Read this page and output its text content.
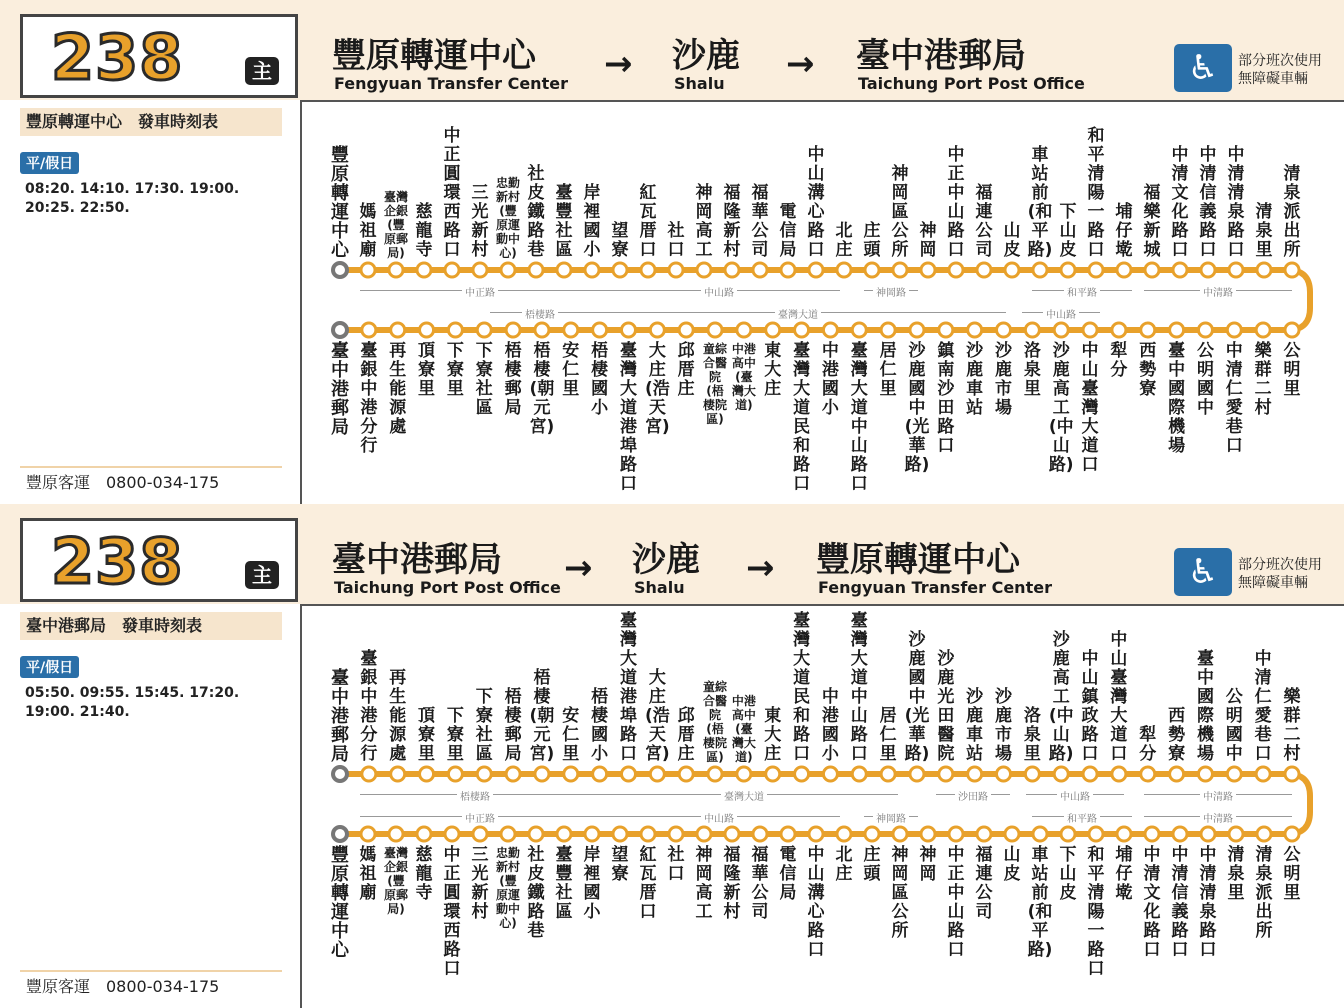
238	主 豐原轉運中心
Fengyuan Transfer Center → 沙鹿
Shalu → 臺中港郵局
Taichung Port Post Office	♿	部分班次使用
無障礙車輛
豐原轉運中心　發車時刻表
平/假日
08:20. 14:10. 17:30. 19:00. 20:25. 22:50.
豐原客運　0800-034-175
豐原轉運中心
媽祖廟
臺灣企銀(豐原郵局)
慈龍寺
中正圓環西路口
三光新村
忠勤新村(豐原運動中心)
社皮鐵路巷
臺豐社區
岸裡國小
望寮
紅瓦厝口
社口
神岡高工
福隆新村
福華公司
電信局
中山溝心路口
北庄
庄頭
神岡區公所
神岡
中正中山路口
福連公司
山皮
車站前(和平路)
下山皮
和平清陽一路口
埔仔墘
福樂新城
中清文化路口
中清信義路口
中清清泉路口
清泉里
清泉派出所
臺中港郵局
臺銀中港分行
再生能源處
頂寮里
下寮里
下寮社區
梧棲郵局
梧棲(朝元宮)
安仁里
梧棲國小
臺灣大道港埠路口
大庄(浩天宮)
邱厝庄
童綜合醫院(梧棲院區)
中港高中(臺灣大道)
東大庄
臺灣大道民和路口
中港國小
臺灣大道中山路口
居仁里
沙鹿國中(光華路)
鎮南沙田路口
沙鹿車站
沙鹿市場
洛泉里
沙鹿高工(中山路)
中山臺灣大道口
犁分
西勢寮
臺中國際機場
公明國中
中清仁愛巷口
樂群二村
公明里
中正路	中山路	神岡路	和平路	中清路
梧棲路	臺灣大道	中山路
238	主 臺中港郵局
Taichung Port Post Office → 沙鹿
Shalu → 豐原轉運中心
Fengyuan Transfer Center	♿	部分班次使用
無障礙車輛
臺中港郵局　發車時刻表
平/假日
05:50. 09:55. 15:45. 17:20. 19:00. 21:40.
豐原客運　0800-034-175
臺中港郵局
臺銀中港分行
再生能源處
頂寮里
下寮里
下寮社區
梧棲郵局
梧棲(朝元宮)
安仁里
梧棲國小
臺灣大道港埠路口
大庄(浩天宮)
邱厝庄
童綜合醫院(梧棲院區)
中港高中(臺灣大道)
東大庄
臺灣大道民和路口
中港國小
臺灣大道中山路口
居仁里
沙鹿國中(光華路)
沙鹿光田醫院
沙鹿車站
沙鹿市場
洛泉里
沙鹿高工(中山路)
中山鎮政路口
中山臺灣大道口
犁分
西勢寮
臺中國際機場
公明國中
中清仁愛巷口
樂群二村
豐原轉運中心
媽祖廟
臺灣企銀(豐原郵局)
慈龍寺
中正圓環西路口
三光新村
忠勤新村(豐原運動中心)
社皮鐵路巷
臺豐社區
岸裡國小
望寮
紅瓦厝口
社口
神岡高工
福隆新村
福華公司
電信局
中山溝心路口
北庄
庄頭
神岡區公所
神岡
中正中山路口
福連公司
山皮
車站前(和平路)
下山皮
和平清陽一路口
埔仔墘
中清文化路口
中清信義路口
中清清泉路口
清泉里
清泉派出所
公明里
梧棲路	臺灣大道	沙田路	中山路	中清路
中正路	中山路	神岡路	和平路	中清路
